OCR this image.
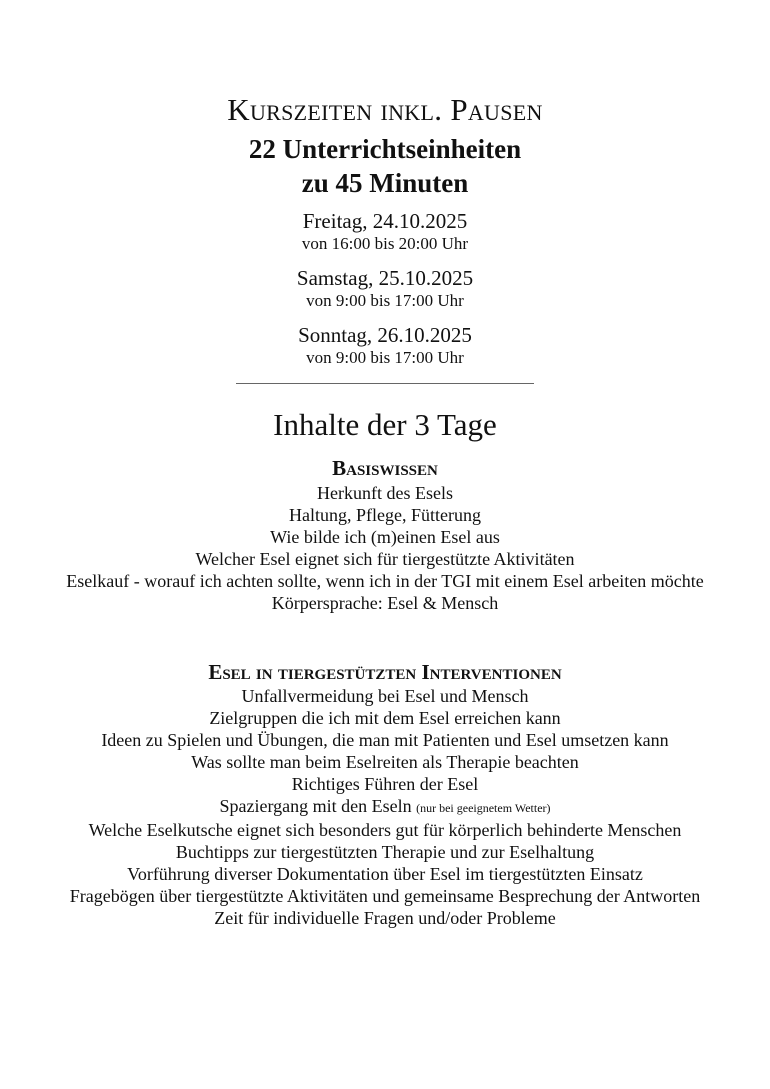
Kurszeiten inkl. Pausen
22 Unterrichtseinheiten
zu 45 Minuten
Freitag, 24.10.2025
von 16:00 bis 20:00 Uhr
Samstag, 25.10.2025
von 9:00 bis 17:00 Uhr
Sonntag, 26.10.2025
von 9:00 bis 17:00 Uhr
Inhalte der 3 Tage
Basiswissen
Herkunft des Esels
Haltung, Pflege, Fütterung
Wie bilde ich (m)einen Esel aus
Welcher Esel eignet sich für tiergestützte Aktivitäten
Eselkauf - worauf ich achten sollte, wenn ich in der TGI mit einem Esel arbeiten möchte
Körpersprache: Esel & Mensch
Esel in tiergestützten Interventionen
Unfallvermeidung bei Esel und Mensch
Zielgruppen die ich mit dem Esel erreichen kann
Ideen zu Spielen und Übungen, die man mit Patienten und Esel umsetzen kann
Was sollte man beim Eselreiten als Therapie beachten
Richtiges Führen der Esel
Spaziergang mit den Eseln (nur bei geeignetem Wetter)
Welche Eselkutsche eignet sich besonders gut für körperlich behinderte Menschen
Buchtipps zur tiergestützten Therapie und zur Eselhaltung
Vorführung diverser Dokumentation über Esel im tiergestützten Einsatz
Fragebögen über tiergestützte Aktivitäten und gemeinsame Besprechung der Antworten
Zeit für individuelle Fragen und/oder Probleme
